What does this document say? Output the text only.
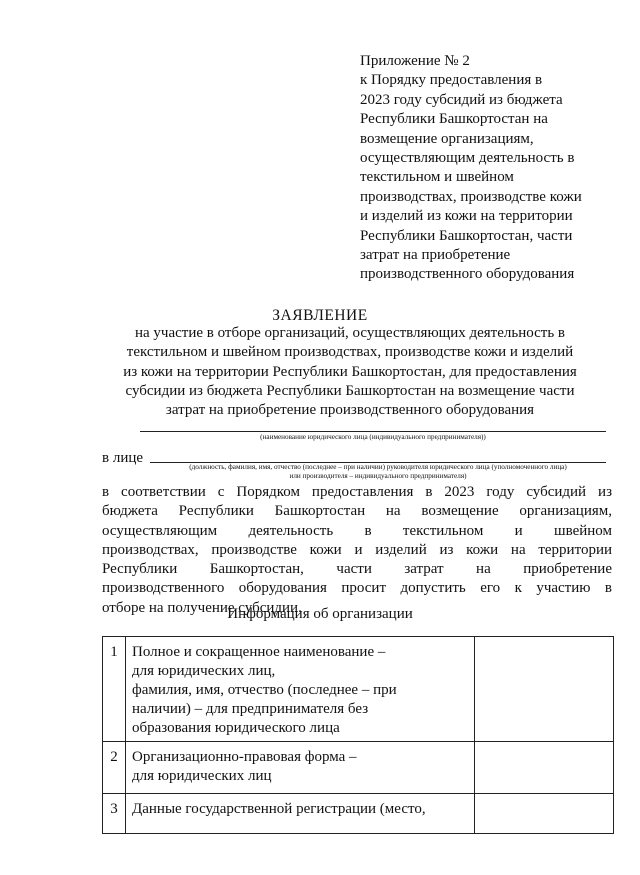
Приложение № 2
к Порядку предоставления в
2023 году субсидий из бюджета
Республики Башкортостан на
возмещение организациям,
осуществляющим деятельность в
текстильном и швейном
производствах, производстве кожи
и изделий из кожи на территории
Республики Башкортостан, части
затрат на приобретение
производственного оборудования
ЗАЯВЛЕНИЕ
на участие в отборе организаций, осуществляющих деятельность в
текстильном и швейном производствах, производстве кожи и изделий
из кожи на территории Республики Башкортостан, для предоставления
субсидии из бюджета Республики Башкортостан на возмещение части
затрат на приобретение производственного оборудования
(наименование юридического лица (индивидуального предпринимателя))
в лице
(должность, фамилия, имя, отчество (последнее – при наличии) руководителя юридического лица (уполномоченного лица)
или производителя – индивидуального предпринимателя)
в соответствии с Порядком предоставления в 2023 году субсидий из
бюджета Республики Башкортостан на возмещение организациям,
осуществляющим деятельность в текстильном и швейном
производствах, производстве кожи и изделий из кожи на территории
Республики Башкортостан, части затрат на приобретение
производственного оборудования просит допустить его к участию в
отборе на получение субсидии.
Информация об организации
1	Полное и сокращенное наименование –
для юридических лиц,
фамилия, имя, отчество (последнее – при
наличии) – для предпринимателя без
образования юридического лица	

2	Организационно-правовая форма –
для юридических лиц	

3	Данные государственной регистрации (место,	
